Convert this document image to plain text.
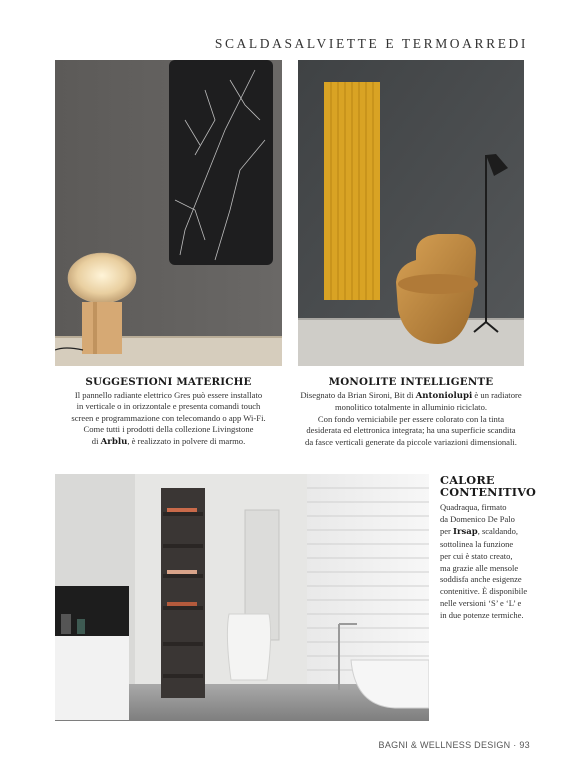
SCALDASALVIETTE E TERMOARREDI
SUGGESTIONI MATERICHE

Il pannello radiante elettrico Gres può essere installato
in verticale o in orizzontale e presenta comandi touch
screen e programmazione con telecomando o app Wi-Fi.
Come tutti i prodotti della collezione Livingstone
di Arblu, è realizzato in polvere di marmo.

MONOLITE INTELLIGENTE

Disegnato da Brian Sironi, Bit di Antoniolupi è un radiatore
monolitico totalmente in alluminio riciclato.
Con fondo verniciabile per essere colorato con la tinta
desiderata ed elettronica integrata; ha una superficie scandita
da fasce verticali generate da piccole variazioni dimensionali.

CALORE
CONTENITIVO

Quadraqua, firmato
da Domenico De Palo
per Irsap, scaldando,
sottolinea la funzione
per cui è stato creato,
ma grazie alle mensole
soddisfa anche esigenze
contenitive. È disponibile
nelle versioni ‘S’ e ‘L’ e
in due potenze termiche.

BAGNI & WELLNESS DESIGN · 93
